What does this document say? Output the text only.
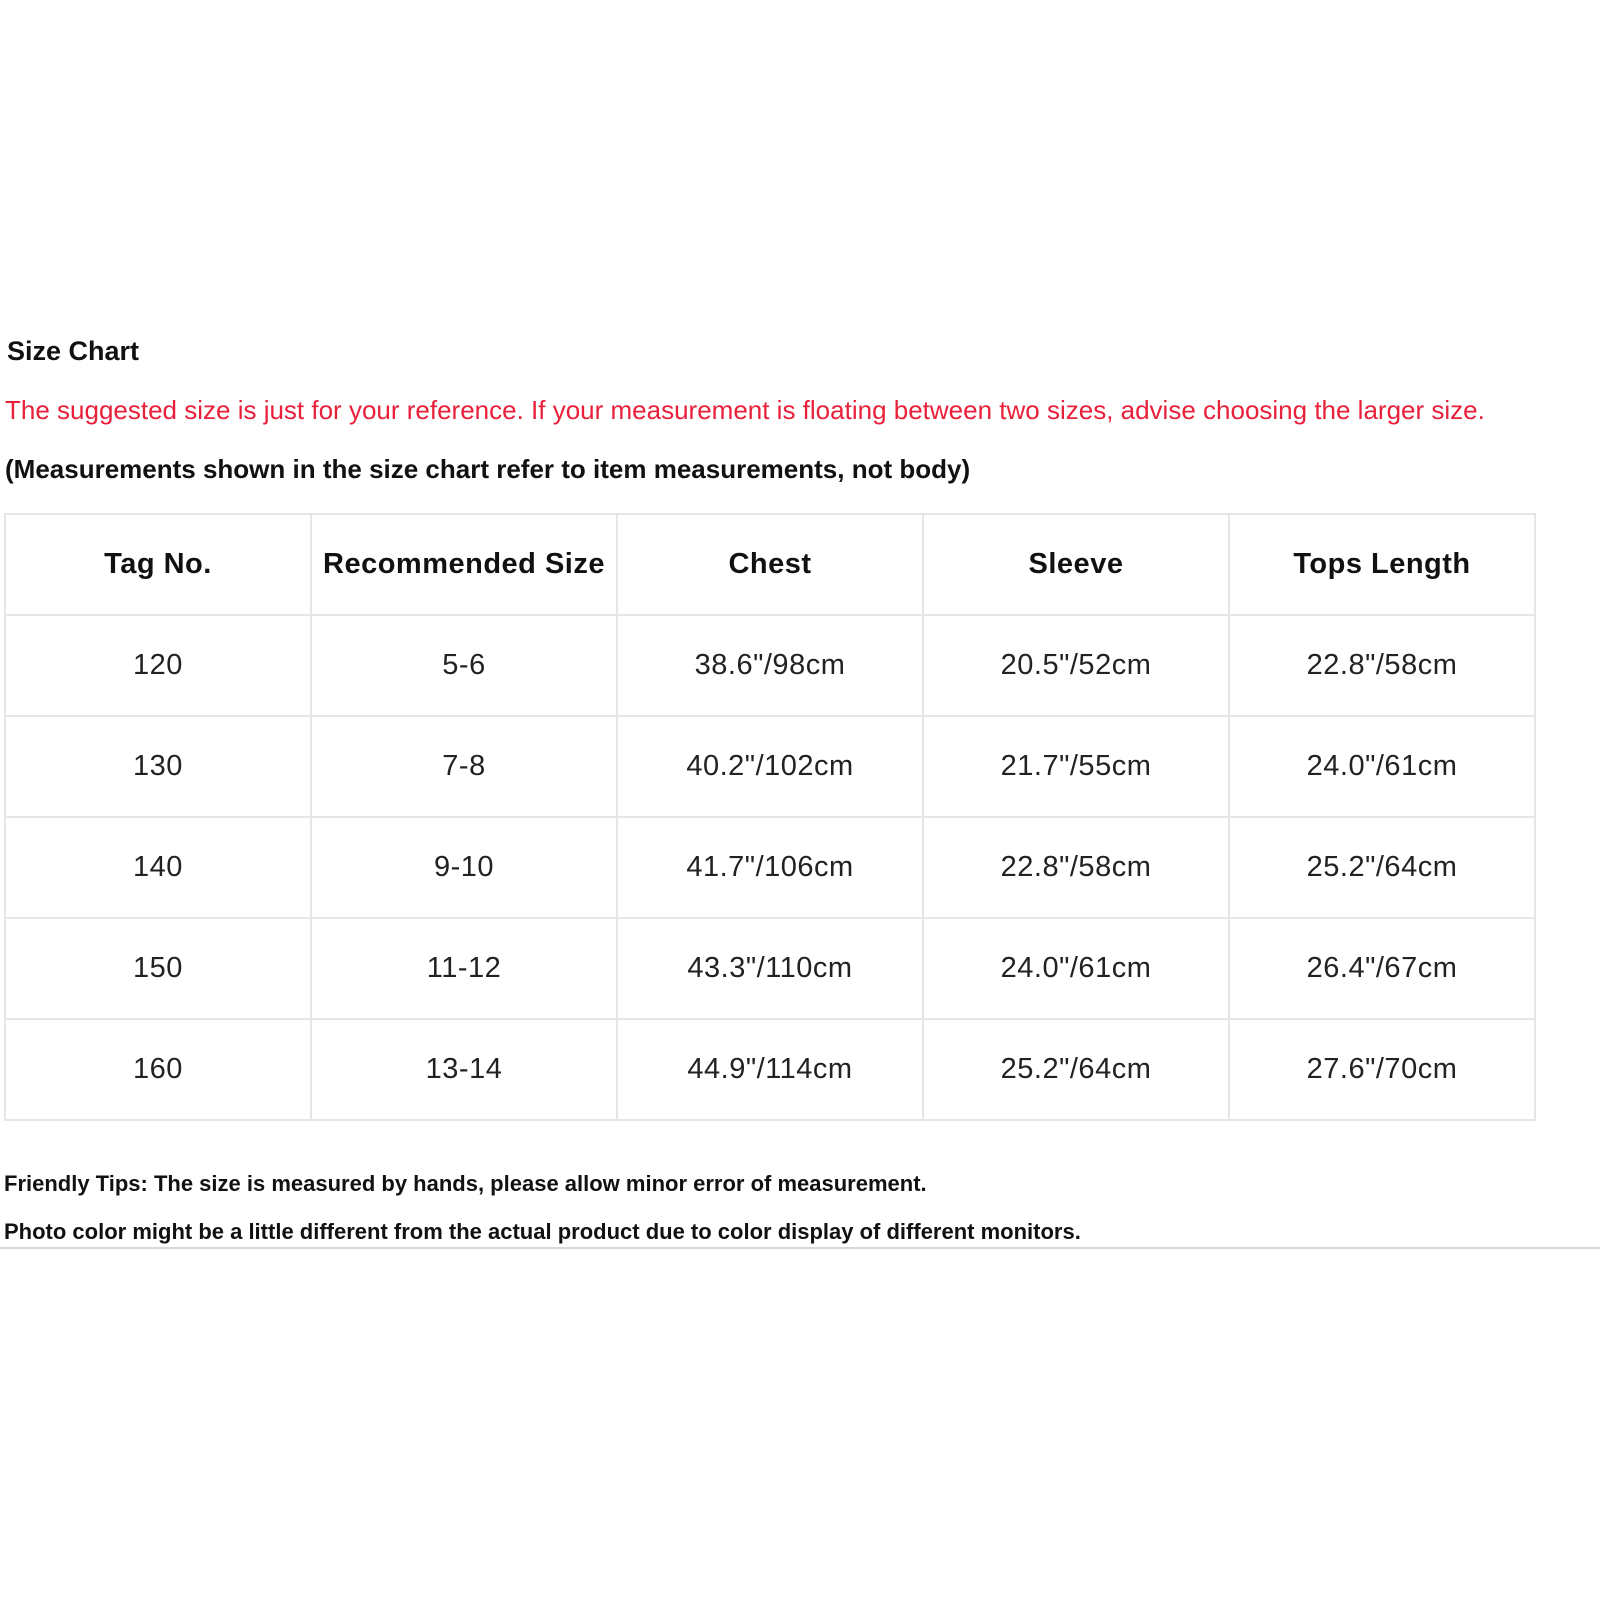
Size Chart
The suggested size is just for your reference. If your measurement is floating between two sizes, advise choosing the larger size.
(Measurements shown in the size chart refer to item measurements, not body)
Tag No.	Recommended Size	Chest	Sleeve	Tops Length
120	5-6	38.6"/98cm	20.5"/52cm	22.8"/58cm
130	7-8	40.2"/102cm	21.7"/55cm	24.0"/61cm
140	9-10	41.7"/106cm	22.8"/58cm	25.2"/64cm
150	11-12	43.3"/110cm	24.0"/61cm	26.4"/67cm
160	13-14	44.9"/114cm	25.2"/64cm	27.6"/70cm
Friendly Tips: The size is measured by hands, please allow minor error of measurement.
Photo color might be a little different from the actual product due to color display of different monitors.
